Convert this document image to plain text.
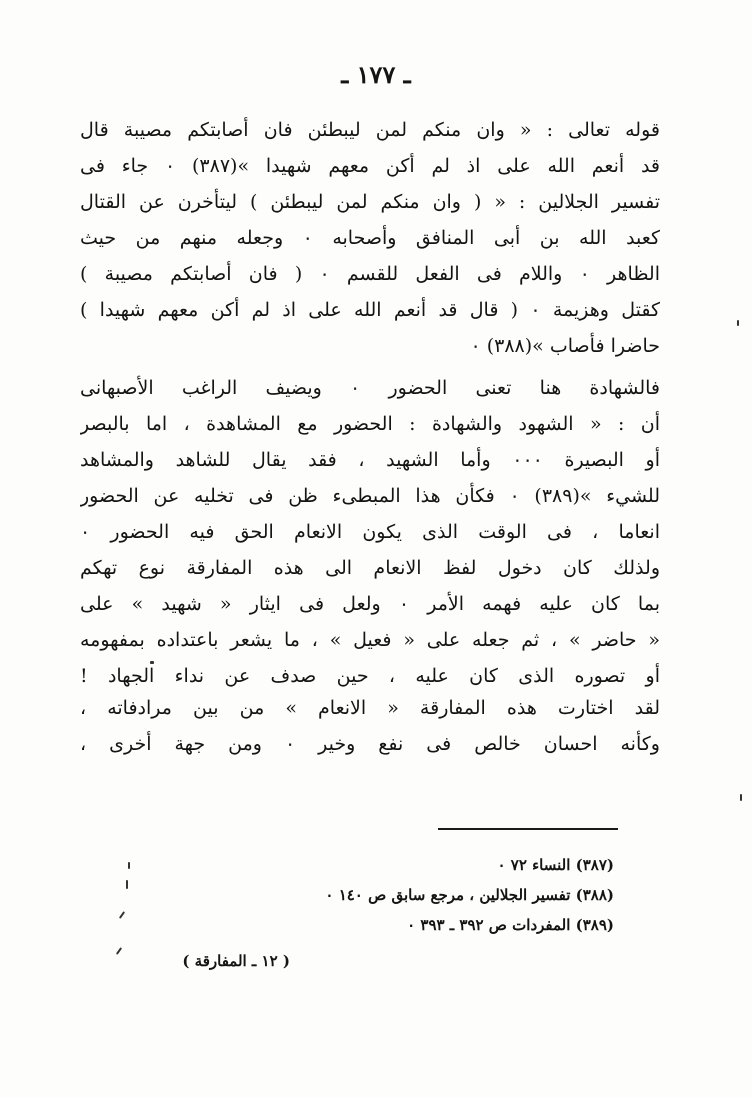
ـ ١٧٧ ـ
قوله تعالى : « وان منكم لمن ليبطئن فان أصابتكم مصيبة قال
قد أنعم الله على اذ لم أكن معهم شهيدا »(٣٨٧) ٠ جاء فى
تفسير الجلالين : « ( وان منكم لمن ليبطئن ) ليتأخرن عن القتال
كعبد الله بن أبى المنافق وأصحابه ٠ وجعله منهم من حيث
الظاهر ٠ واللام فى الفعل للقسم ٠ ( فان أصابتكم مصيبة )
كقتل وهزيمة ٠ ( قال قد أنعم الله على اذ لم أكن معهم شهيدا )
حاضرا فأصاب »(٣٨٨) ٠
فالشهادة هنا تعنى الحضور ٠ ويضيف الراغب الأصبهانى
أن : « الشهود والشهادة : الحضور مع المشاهدة ، اما بالبصر
أو البصيرة ٠٠٠ وأما الشهيد ، فقد يقال للشاهد والمشاهد
للشيء »(٣٨٩) ٠ فكأن هذا المبطىء ظن فى تخليه عن الحضور
انعاما ، فى الوقت الذى يكون الانعام الحق فيه الحضور ٠
ولذلك كان دخول لفظ الانعام الى هذه المفارقة نوع تهكم
بما كان عليه فهمه الأمر ٠ ولعل فى ايثار « شهيد » على
« حاضر » ، ثم جعله على « فعيل » ، ما يشعر باعتداده بمفهومه
أو تصوره الذى كان عليه ، حين صدف عن نداء الجهاد !
لقد اختارت هذه المفارقة « الانعام » من بين مرادفاته ،
وكأنه احسان خالص فى نفع وخير ٠ ومن جهة أخرى ،
(٣٨٧) النساء ٧٢ ٠
(٣٨٨) تفسير الجلالين ، مرجع سابق ص ١٤٠ ٠
(٣٨٩) المفردات ص ٣٩٢ ـ ٣٩٣ ٠
( ١٢ ـ المفارقة )
